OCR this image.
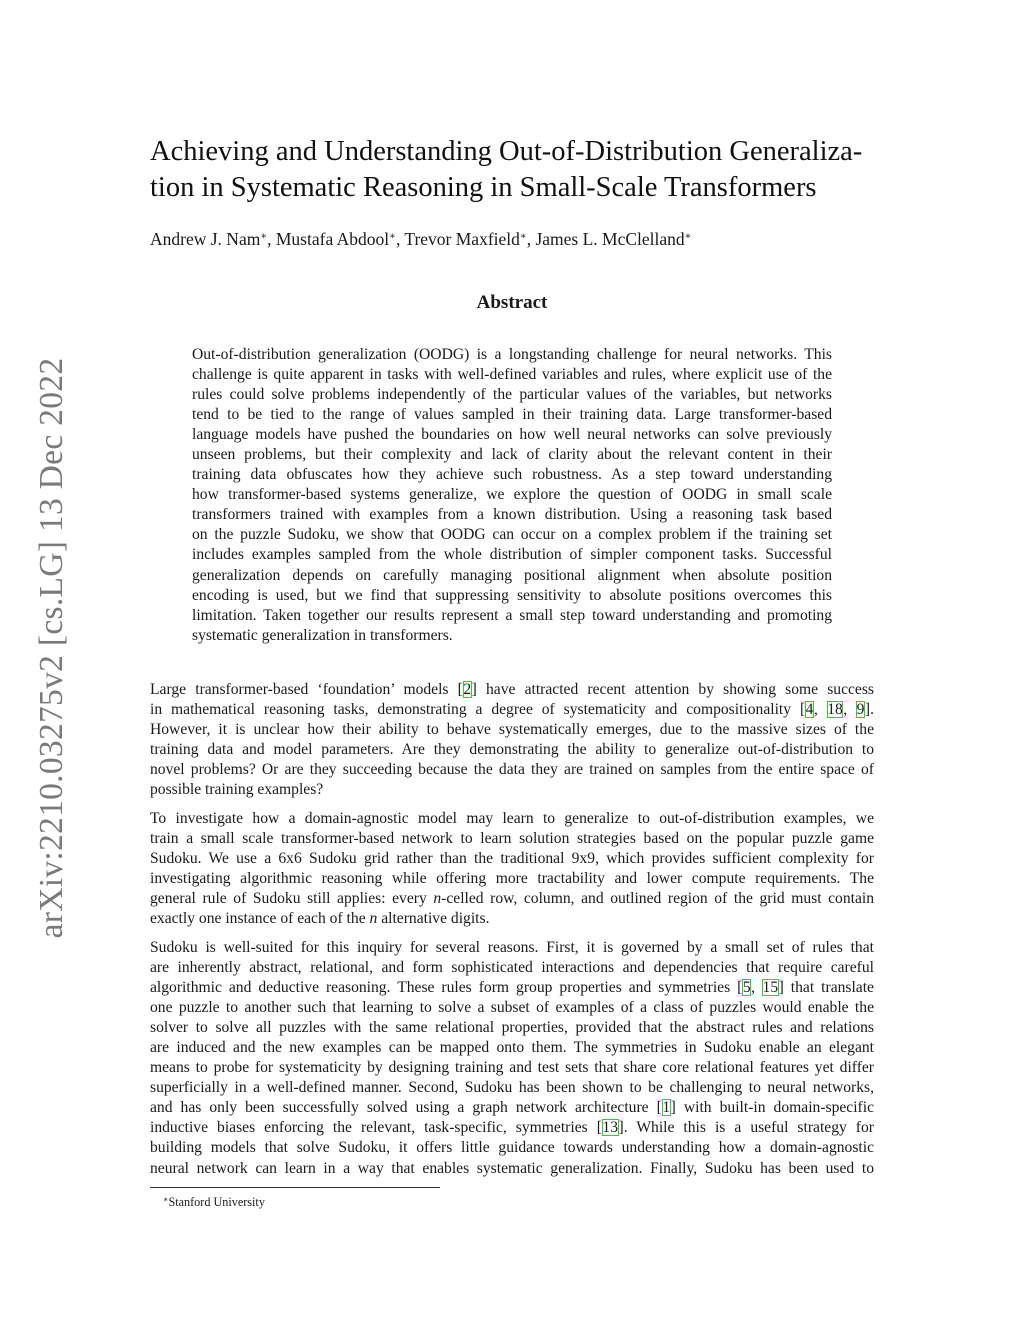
arXiv:2210.03275v2 [cs.LG] 13 Dec 2022
Achieving and Understanding Out-of-Distribution Generaliza-
tion in Systematic Reasoning in Small-Scale Transformers
Andrew J. Nam∗, Mustafa Abdool∗, Trevor Maxfield∗, James L. McClelland∗
Abstract
Out-of-distribution generalization (OODG) is a longstanding challenge for neural networks. This
challenge is quite apparent in tasks with well-defined variables and rules, where explicit use of the
rules could solve problems independently of the particular values of the variables, but networks
tend to be tied to the range of values sampled in their training data. Large transformer-based
language models have pushed the boundaries on how well neural networks can solve previously
unseen problems, but their complexity and lack of clarity about the relevant content in their
training data obfuscates how they achieve such robustness. As a step toward understanding
how transformer-based systems generalize, we explore the question of OODG in small scale
transformers trained with examples from a known distribution. Using a reasoning task based
on the puzzle Sudoku, we show that OODG can occur on a complex problem if the training set
includes examples sampled from the whole distribution of simpler component tasks. Successful
generalization depends on carefully managing positional alignment when absolute position
encoding is used, but we find that suppressing sensitivity to absolute positions overcomes this
limitation. Taken together our results represent a small step toward understanding and promoting
systematic generalization in transformers.
Large transformer-based ‘foundation’ models [2] have attracted recent attention by showing some success
in mathematical reasoning tasks, demonstrating a degree of systematicity and compositionality [4, 18, 9].
However, it is unclear how their ability to behave systematically emerges, due to the massive sizes of the
training data and model parameters. Are they demonstrating the ability to generalize out-of-distribution to
novel problems? Or are they succeeding because the data they are trained on samples from the entire space of
possible training examples?
To investigate how a domain-agnostic model may learn to generalize to out-of-distribution examples, we
train a small scale transformer-based network to learn solution strategies based on the popular puzzle game
Sudoku. We use a 6x6 Sudoku grid rather than the traditional 9x9, which provides sufficient complexity for
investigating algorithmic reasoning while offering more tractability and lower compute requirements. The
general rule of Sudoku still applies: every n-celled row, column, and outlined region of the grid must contain
exactly one instance of each of the n alternative digits.
Sudoku is well-suited for this inquiry for several reasons. First, it is governed by a small set of rules that
are inherently abstract, relational, and form sophisticated interactions and dependencies that require careful
algorithmic and deductive reasoning. These rules form group properties and symmetries [5, 15] that translate
one puzzle to another such that learning to solve a subset of examples of a class of puzzles would enable the
solver to solve all puzzles with the same relational properties, provided that the abstract rules and relations
are induced and the new examples can be mapped onto them. The symmetries in Sudoku enable an elegant
means to probe for systematicity by designing training and test sets that share core relational features yet differ
superficially in a well-defined manner. Second, Sudoku has been shown to be challenging to neural networks,
and has only been successfully solved using a graph network architecture [1] with built-in domain-specific
inductive biases enforcing the relevant, task-specific, symmetries [13]. While this is a useful strategy for
building models that solve Sudoku, it offers little guidance towards understanding how a domain-agnostic
neural network can learn in a way that enables systematic generalization. Finally, Sudoku has been used to
∗Stanford University
